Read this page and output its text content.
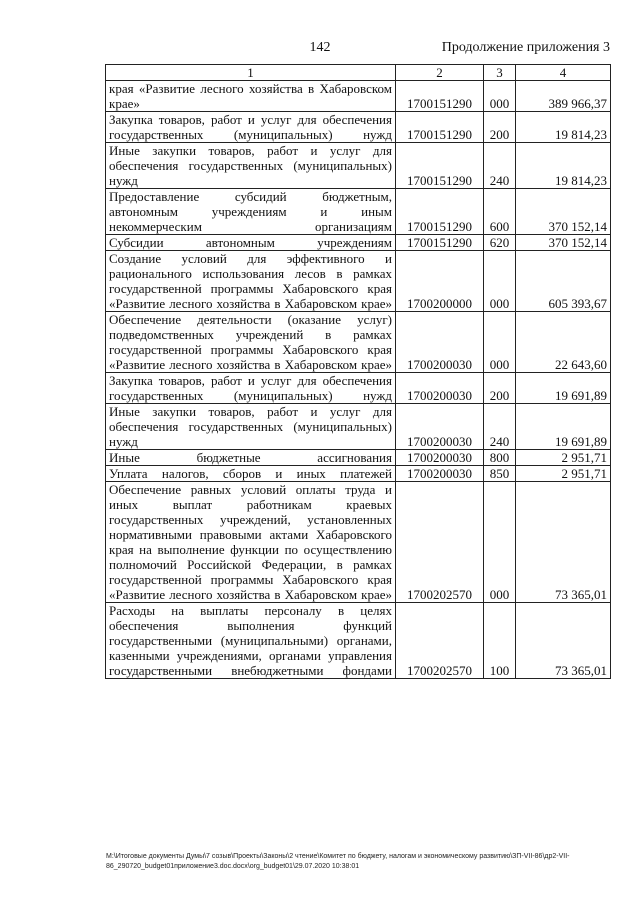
142	Продолжение приложения 3
1	2	3	4
края «Развитие лесного хозяйства в Хабаровском крае»	1700151290	000	389 966,37
Закупка товаров, работ и услуг для обеспечения государственных (муниципальных) нужд	1700151290	200	19 814,23
Иные закупки товаров, работ и услуг для обеспечения государственных (муниципальных) нужд	1700151290	240	19 814,23
Предоставление субсидий бюджетным, автономным учреждениям и иным некоммерческим организациям	1700151290	600	370 152,14
Субсидии автономным учреждениям	1700151290	620	370 152,14
Создание условий для эффективного и рационального использования лесов в рамках государственной программы Хабаровского края «Развитие лесного хозяйства в Хабаровском крае»	1700200000	000	605 393,67
Обеспечение деятельности (оказание услуг) подведомственных учреждений в рамках государственной программы Хабаровского края «Развитие лесного хозяйства в Хабаровском крае»	1700200030	000	22 643,60
Закупка товаров, работ и услуг для обеспечения государственных (муниципальных) нужд	1700200030	200	19 691,89
Иные закупки товаров, работ и услуг для обеспечения государственных (муниципальных) нужд	1700200030	240	19 691,89
Иные бюджетные ассигнования	1700200030	800	2 951,71
Уплата налогов, сборов и иных платежей	1700200030	850	2 951,71
Обеспечение равных условий оплаты труда и иных выплат работникам краевых государственных учреждений, установленных нормативными правовыми актами Хабаровского края на выполнение функции по осуществлению полномочий Российской Федерации, в рамках государственной программы Хабаровского края «Развитие лесного хозяйства в Хабаровском крае»	1700202570	000	73 365,01
Расходы на выплаты персоналу в целях обеспечения выполнения функций государственными (муниципальными) органами, казенными учреждениями, органами управления государственными внебюджетными фондами	1700202570	100	73 365,01
M:\Итоговые документы Думы\7 созыв\Проекты\Законы\2 чтение\Комитет по бюджету, налогам и экономическому развитию\ЗП-VII-86\др2-VII-86_290720_budget01приложение3.doc.docx\org_budget01\29.07.2020 10:38:01
